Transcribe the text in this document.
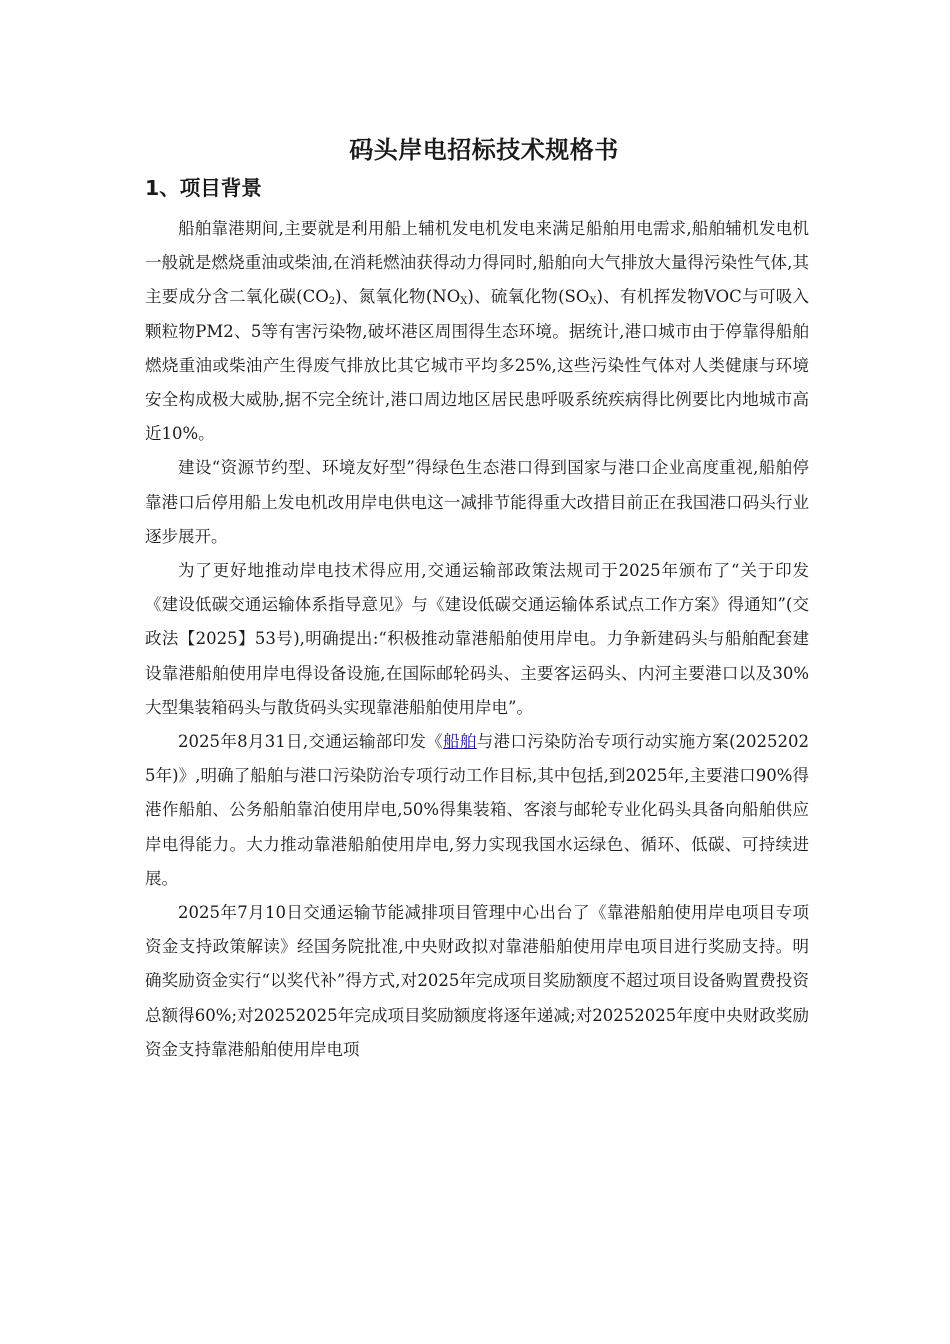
码头岸电招标技术规格书
1、项目背景

船舶靠港期间,主要就是利用船上辅机发电机发电来满足船舶用电需求,船舶辅机发电机一般就是燃烧重油或柴油,在消耗燃油获得动力得同时,船舶向大气排放大量得污染性气体,其主要成分含二氧化碳$(CO_2)$、氮氧化物$(NO_X)$、硫氧化物$(SO_X)$、有机挥发物VOC与可吸入颗粒物PM2、5等有害污染物,破坏港区周围得生态环境。据统计,港口城市由于停靠得船舶燃烧重油或柴油产生得废气排放比其它城市平均多25%,这些污染性气体对人类健康与环境安全构成极大威胁,据不完全统计,港口周边地区居民患呼吸系统疾病得比例要比内地城市高近10%。

建设“资源节约型、环境友好型”得绿色生态港口得到国家与港口企业高度重视,船舶停靠港口后停用船上发电机改用岸电供电这一减排节能得重大改措目前正在我国港口码头行业逐步展开。

为了更好地推动岸电技术得应用,交通运输部政策法规司于2025年颁布了“关于印发《建设低碳交通运输体系指导意见》与《建设低碳交通运输体系试点工作方案》得通知”(交政法【2025】53号),明确提出:“积极推动靠港船舶使用岸电。力争新建码头与船舶配套建设靠港船舶使用岸电得设备设施,在国际邮轮码头、主要客运码头、内河主要港口以及30%大型集装箱码头与散货码头实现靠港船舶使用岸电”。

2025年8月31日,交通运输部印发《船舶与港口污染防治专项行动实施方案(20252025年)》,明确了船舶与港口污染防治专项行动工作目标,其中包括,到2025年,主要港口90%得港作船舶、公务船舶靠泊使用岸电,50%得集装箱、客滚与邮轮专业化码头具备向船舶供应岸电得能力。大力推动靠港船舶使用岸电,努力实现我国水运绿色、循环、低碳、可持续进展。

2025年7月10日交通运输节能减排项目管理中心出台了《靠港船舶使用岸电项目专项资金支持政策解读》经国务院批准,中央财政拟对靠港船舶使用岸电项目进行奖励支持。明确奖励资金实行“以奖代补”得方式,对2025年完成项目奖励额度不超过项目设备购置费投资总额得60%;对20252025年完成项目奖励额度将逐年递减;对20252025年度中央财政奖励资金支持靠港船舶使用岸电项
